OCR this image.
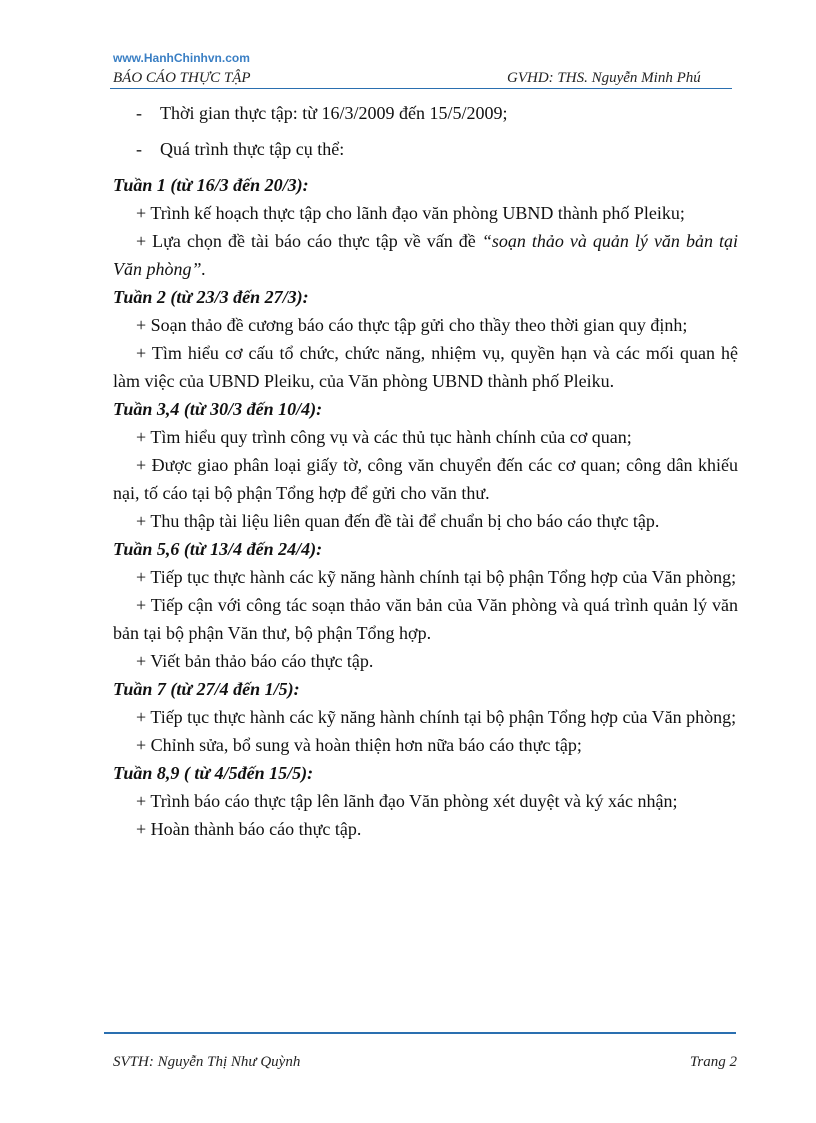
www.HanhChinhvn.com
BÁO CÁO THỰC TẬP	GVHD: THS. Nguyễn Minh Phú

- Thời gian thực tập: từ 16/3/2009 đến 15/5/2009;

- Quá trình thực tập cụ thể:

Tuần 1 (từ 16/3 đến 20/3):

+ Trình kế hoạch thực tập cho lãnh đạo văn phòng UBND thành phố Pleiku;

+ Lựa chọn đề tài báo cáo thực tập về vấn đề “soạn thảo và quản lý văn bản tại Văn phòng”.

Tuần 2 (từ 23/3 đến 27/3):

+ Soạn thảo đề cương báo cáo thực tập gửi cho thầy theo thời gian quy định;

+ Tìm hiểu cơ cấu tổ chức, chức năng, nhiệm vụ, quyền hạn và các mối quan hệ làm việc của UBND Pleiku, của Văn phòng UBND thành phố Pleiku.

Tuần 3,4 (từ 30/3 đến 10/4):

+ Tìm hiểu quy trình công vụ và các thủ tục hành chính của cơ quan;

+ Được giao phân loại giấy tờ, công văn chuyển đến các cơ quan; công dân khiếu nại, tố cáo tại bộ phận Tổng hợp để gửi cho văn thư.

+ Thu thập tài liệu liên quan đến đề tài để chuẩn bị cho báo cáo thực tập.

Tuần 5,6 (từ 13/4 đến 24/4):

+ Tiếp tục thực hành các kỹ năng hành chính tại bộ phận Tổng hợp của Văn phòng;

+ Tiếp cận với công tác soạn thảo văn bản của Văn phòng và quá trình quản lý văn bản tại bộ phận Văn thư, bộ phận Tổng hợp.

+ Viết bản thảo báo cáo thực tập.

Tuần 7 (từ 27/4 đến 1/5):

+ Tiếp tục thực hành các kỹ năng hành chính tại bộ phận Tổng hợp của Văn phòng;

+ Chỉnh sửa, bổ sung và hoàn thiện hơn nữa báo cáo thực tập;

Tuần 8,9 ( từ 4/5đến 15/5):

+ Trình báo cáo thực tập lên lãnh đạo Văn phòng xét duyệt và ký xác nhận;

+ Hoàn thành báo cáo thực tập.

SVTH: Nguyễn Thị Như Quỳnh	Trang 2
